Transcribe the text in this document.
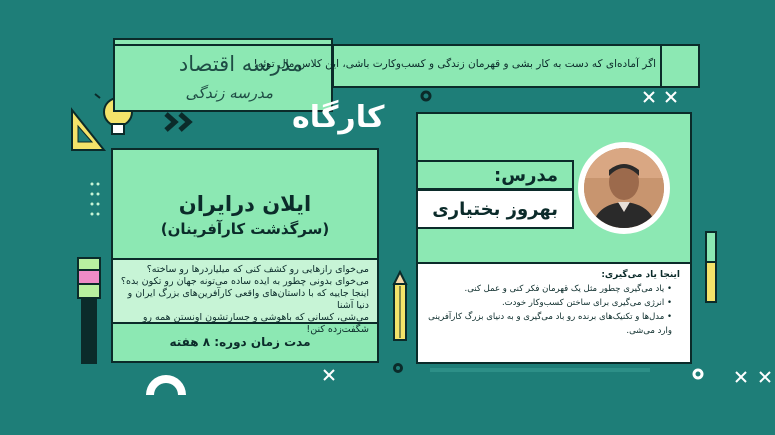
مدرسه اقتصاد
مدرسه زندگی
اگر آماده‌ای که دست به کار بشی و قهرمان زندگی و کسب‌وکارت باشی، این کلاس مال توئه!
کارگاه
ایلان درایران
(سرگذشت کارآفرینان)
مدت زمان دوره: ۸ هفته
می‌خوای رازهایی رو کشف کنی که میلیاردرها رو ساخته؟
می‌خوای بدونی چطور به ایده ساده می‌تونه جهان رو تکون بده؟
اینجا جاییه که با داستان‌های واقعی کارآفرین‌های بزرگ ایران و دنیا آشنا
می‌شی، کسانی که باهوشی و جسارتشون اونستن همه رو شگفت‌زده کنن!
مدرس:
بهروز بختیاری
اینجا یاد می‌گیری:
• یاد می‌گیری چطور مثل یک قهرمان فکر کنی و عمل کنی.
• انرژی می‌گیری برای ساختن کسب‌وکار خودت.
• مدل‌ها و تکنیک‌های برنده رو باد می‌گیری و به دنیای بزرگ کارآفرینی وارد می‌شی.
